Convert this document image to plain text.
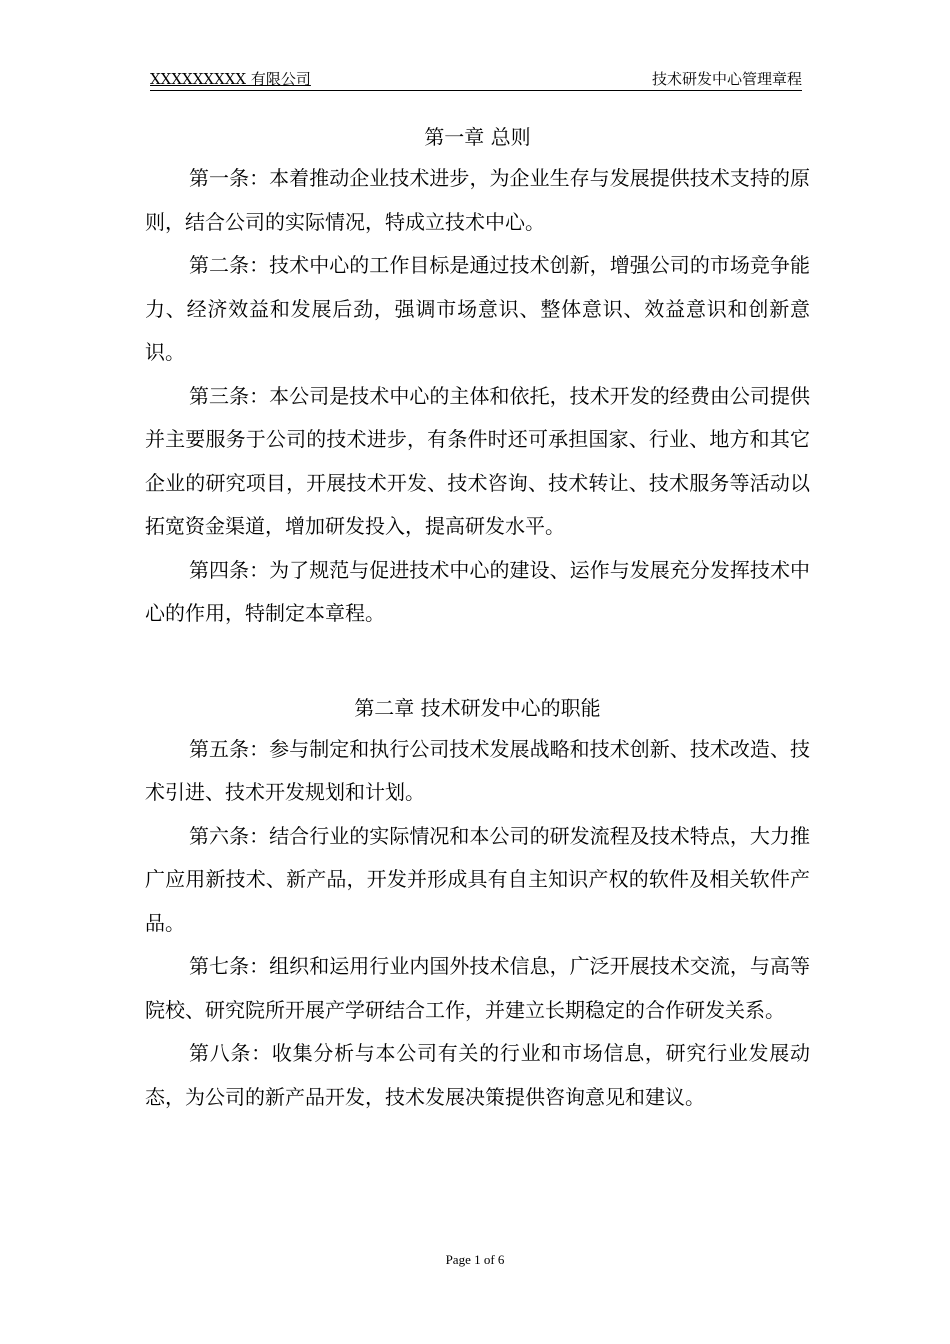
XXXXXXXXX 有限公司	技术研发中心管理章程
第一章 总则

第一条：本着推动企业技术进步，为企业生存与发展提供技术支持的原则，结合公司的实际情况，特成立技术中心。

第二条：技术中心的工作目标是通过技术创新，增强公司的市场竞争能力、经济效益和发展后劲，强调市场意识、整体意识、效益意识和创新意识。

第三条：本公司是技术中心的主体和依托，技术开发的经费由公司提供并主要服务于公司的技术进步，有条件时还可承担国家、行业、地方和其它企业的研究项目，开展技术开发、技术咨询、技术转让、技术服务等活动以拓宽资金渠道，增加研发投入，提高研发水平。

第四条：为了规范与促进技术中心的建设、运作与发展充分发挥技术中心的作用，特制定本章程。

第二章 技术研发中心的职能

第五条：参与制定和执行公司技术发展战略和技术创新、技术改造、技术引进、技术开发规划和计划。

第六条：结合行业的实际情况和本公司的研发流程及技术特点，大力推广应用新技术、新产品，开发并形成具有自主知识产权的软件及相关软件产品。

第七条：组织和运用行业内国外技术信息，广泛开展技术交流，与高等院校、研究院所开展产学研结合工作，并建立长期稳定的合作研发关系。

第八条：收集分析与本公司有关的行业和市场信息，研究行业发展动态，为公司的新产品开发，技术发展决策提供咨询意见和建议。

Page 1 of 6
